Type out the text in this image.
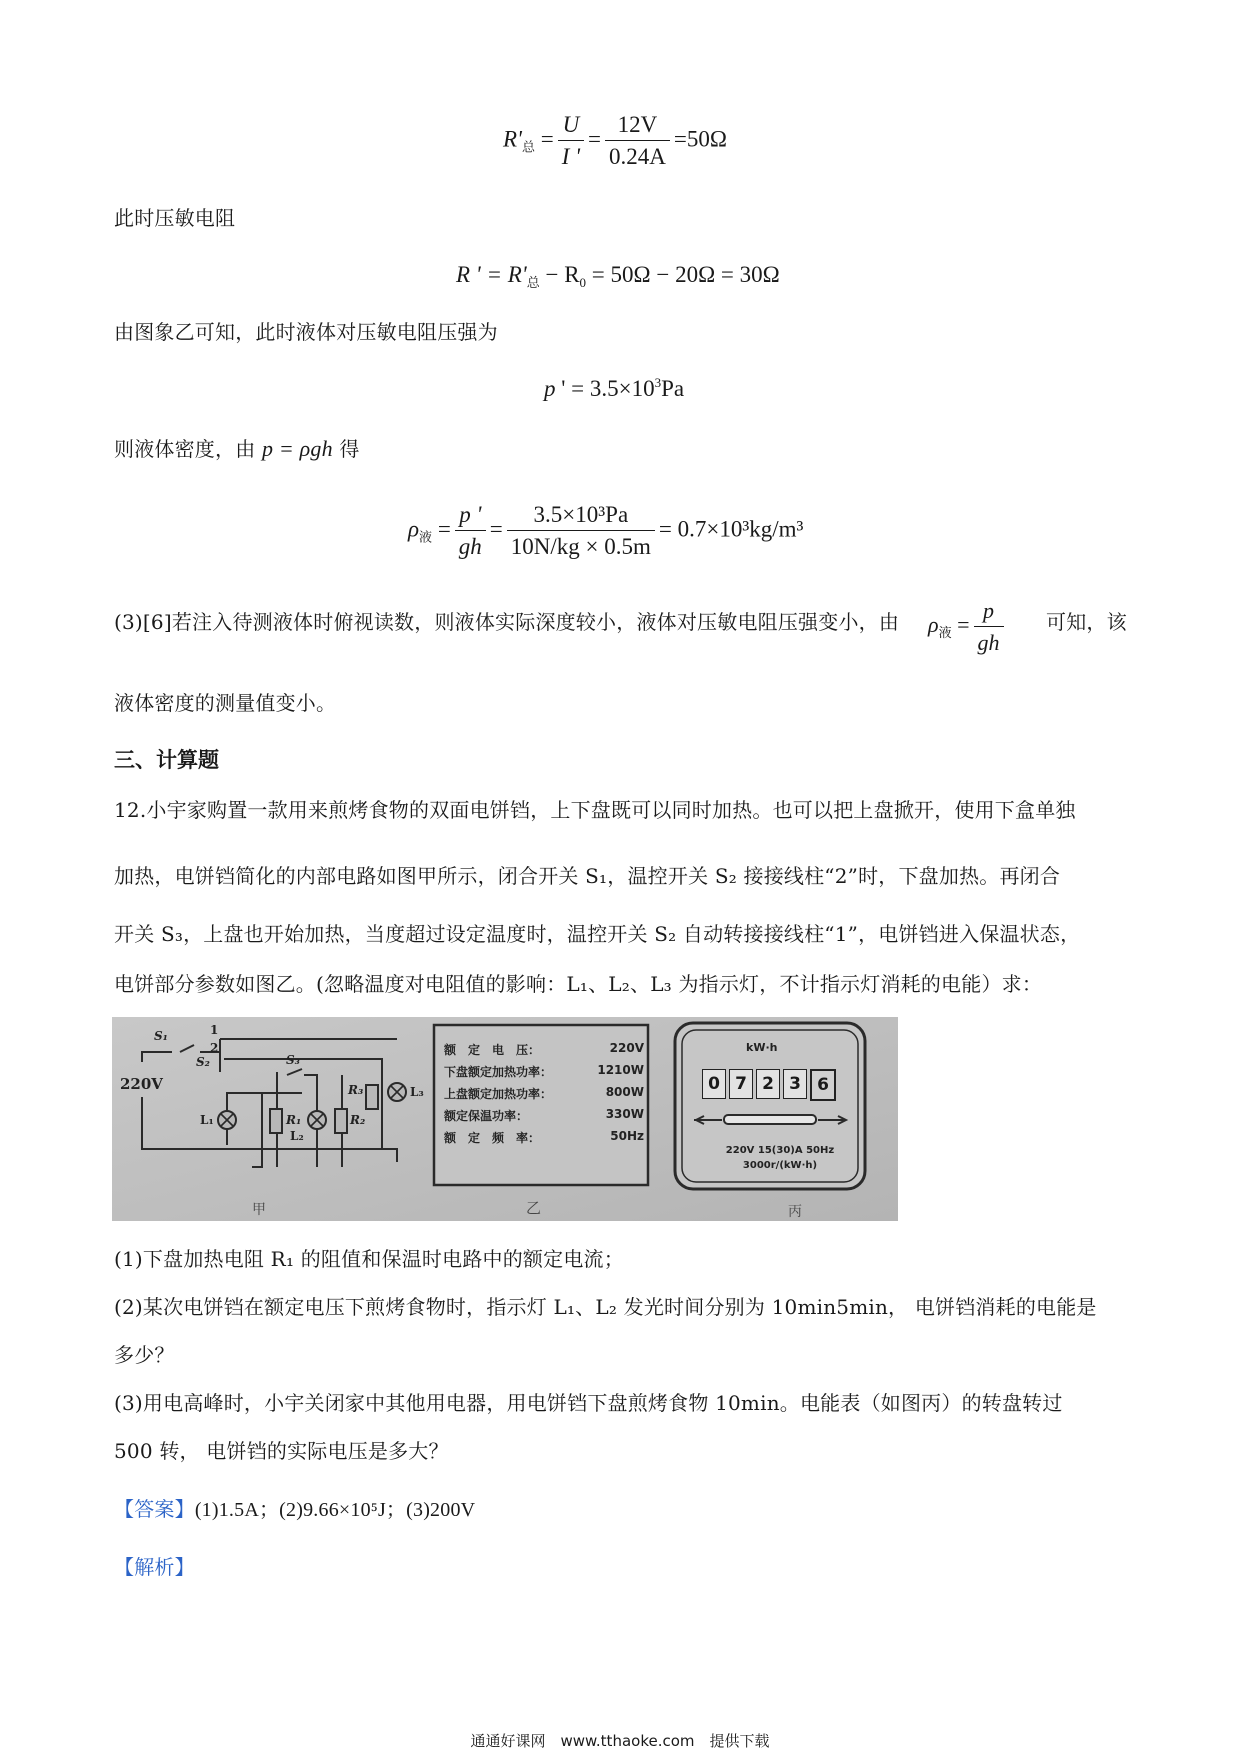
$R'_总 = \frac{U}{I '} = \frac{12V}{0.24A} =50\Omega$
此时压敏电阻
R ' = $R'_总 - R_0 = 50\Omega - 20\Omega = 30\Omega$
由图象乙可知，此时液体对压敏电阻压强为
p ' = $3.5\times 10^3Pa$
则液体密度，由 p = ρgh 得
$\rho_液 = \frac{p '}{gh} = \frac{\text{3.5×10³Pa}}{10N/kg \times 0.5m} = 0.7\times 10^3kg/m^3$
(3)[6]若注入待测液体时俯视读数，则液体实际深度较小，液体对压敏电阻压强变小，由 $\rho_液 = \frac{p}{gh}$ 可知，该
液体密度的测量值变小。
三、计算题
12.小宇家购置一款用来煎烤食物的双面电饼铛，上下盘既可以同时加热。也可以把上盘掀开，使用下盒单独
加热，电饼铛简化的内部电路如图甲所示，闭合开关 S₁，温控开关 S₂ 接接线柱“2”时，下盘加热。再闭合
开关 S₃，上盘也开始加热，当度超过设定温度时，温控开关 S₂ 自动转接接线柱“1”，电饼铛进入保温状态，
电饼部分参数如图乙。(忽略温度对电阻值的影响：L₁、L₂、L₃ 为指示灯，不计指示灯消耗的电能）求：
S₁	1
2
S₂	S₃
220V
L₁	R₁
L₂
R₂
R₃	L₃
额　定　电　压：	220V
下盘额定加热功率：	1210W
上盘额定加热功率：	800W
额定保温功率：	330W
额　定　频　率：	50Hz
kW·h
0 7 2 3 6
220V 15(30)A 50Hz
3000r/(kW·h)
甲	乙	丙
(1)下盘加热电阻 R₁ 的阻值和保温时电路中的额定电流；
(2)某次电饼铛在额定电压下煎烤食物时，指示灯 L₁、L₂ 发光时间分别为 10min5min， 电饼铛消耗的电能是
多少？
(3)用电高峰时，小宇关闭家中其他用电器，用电饼铛下盘煎烤食物 10min。电能表（如图丙）的转盘转过
500 转， 电饼铛的实际电压是多大？
【答案】(1)1.5A；(2)9.66×10⁵J；(3)200V
【解析】
通通好课网　www.tthaoke.com　提供下载
